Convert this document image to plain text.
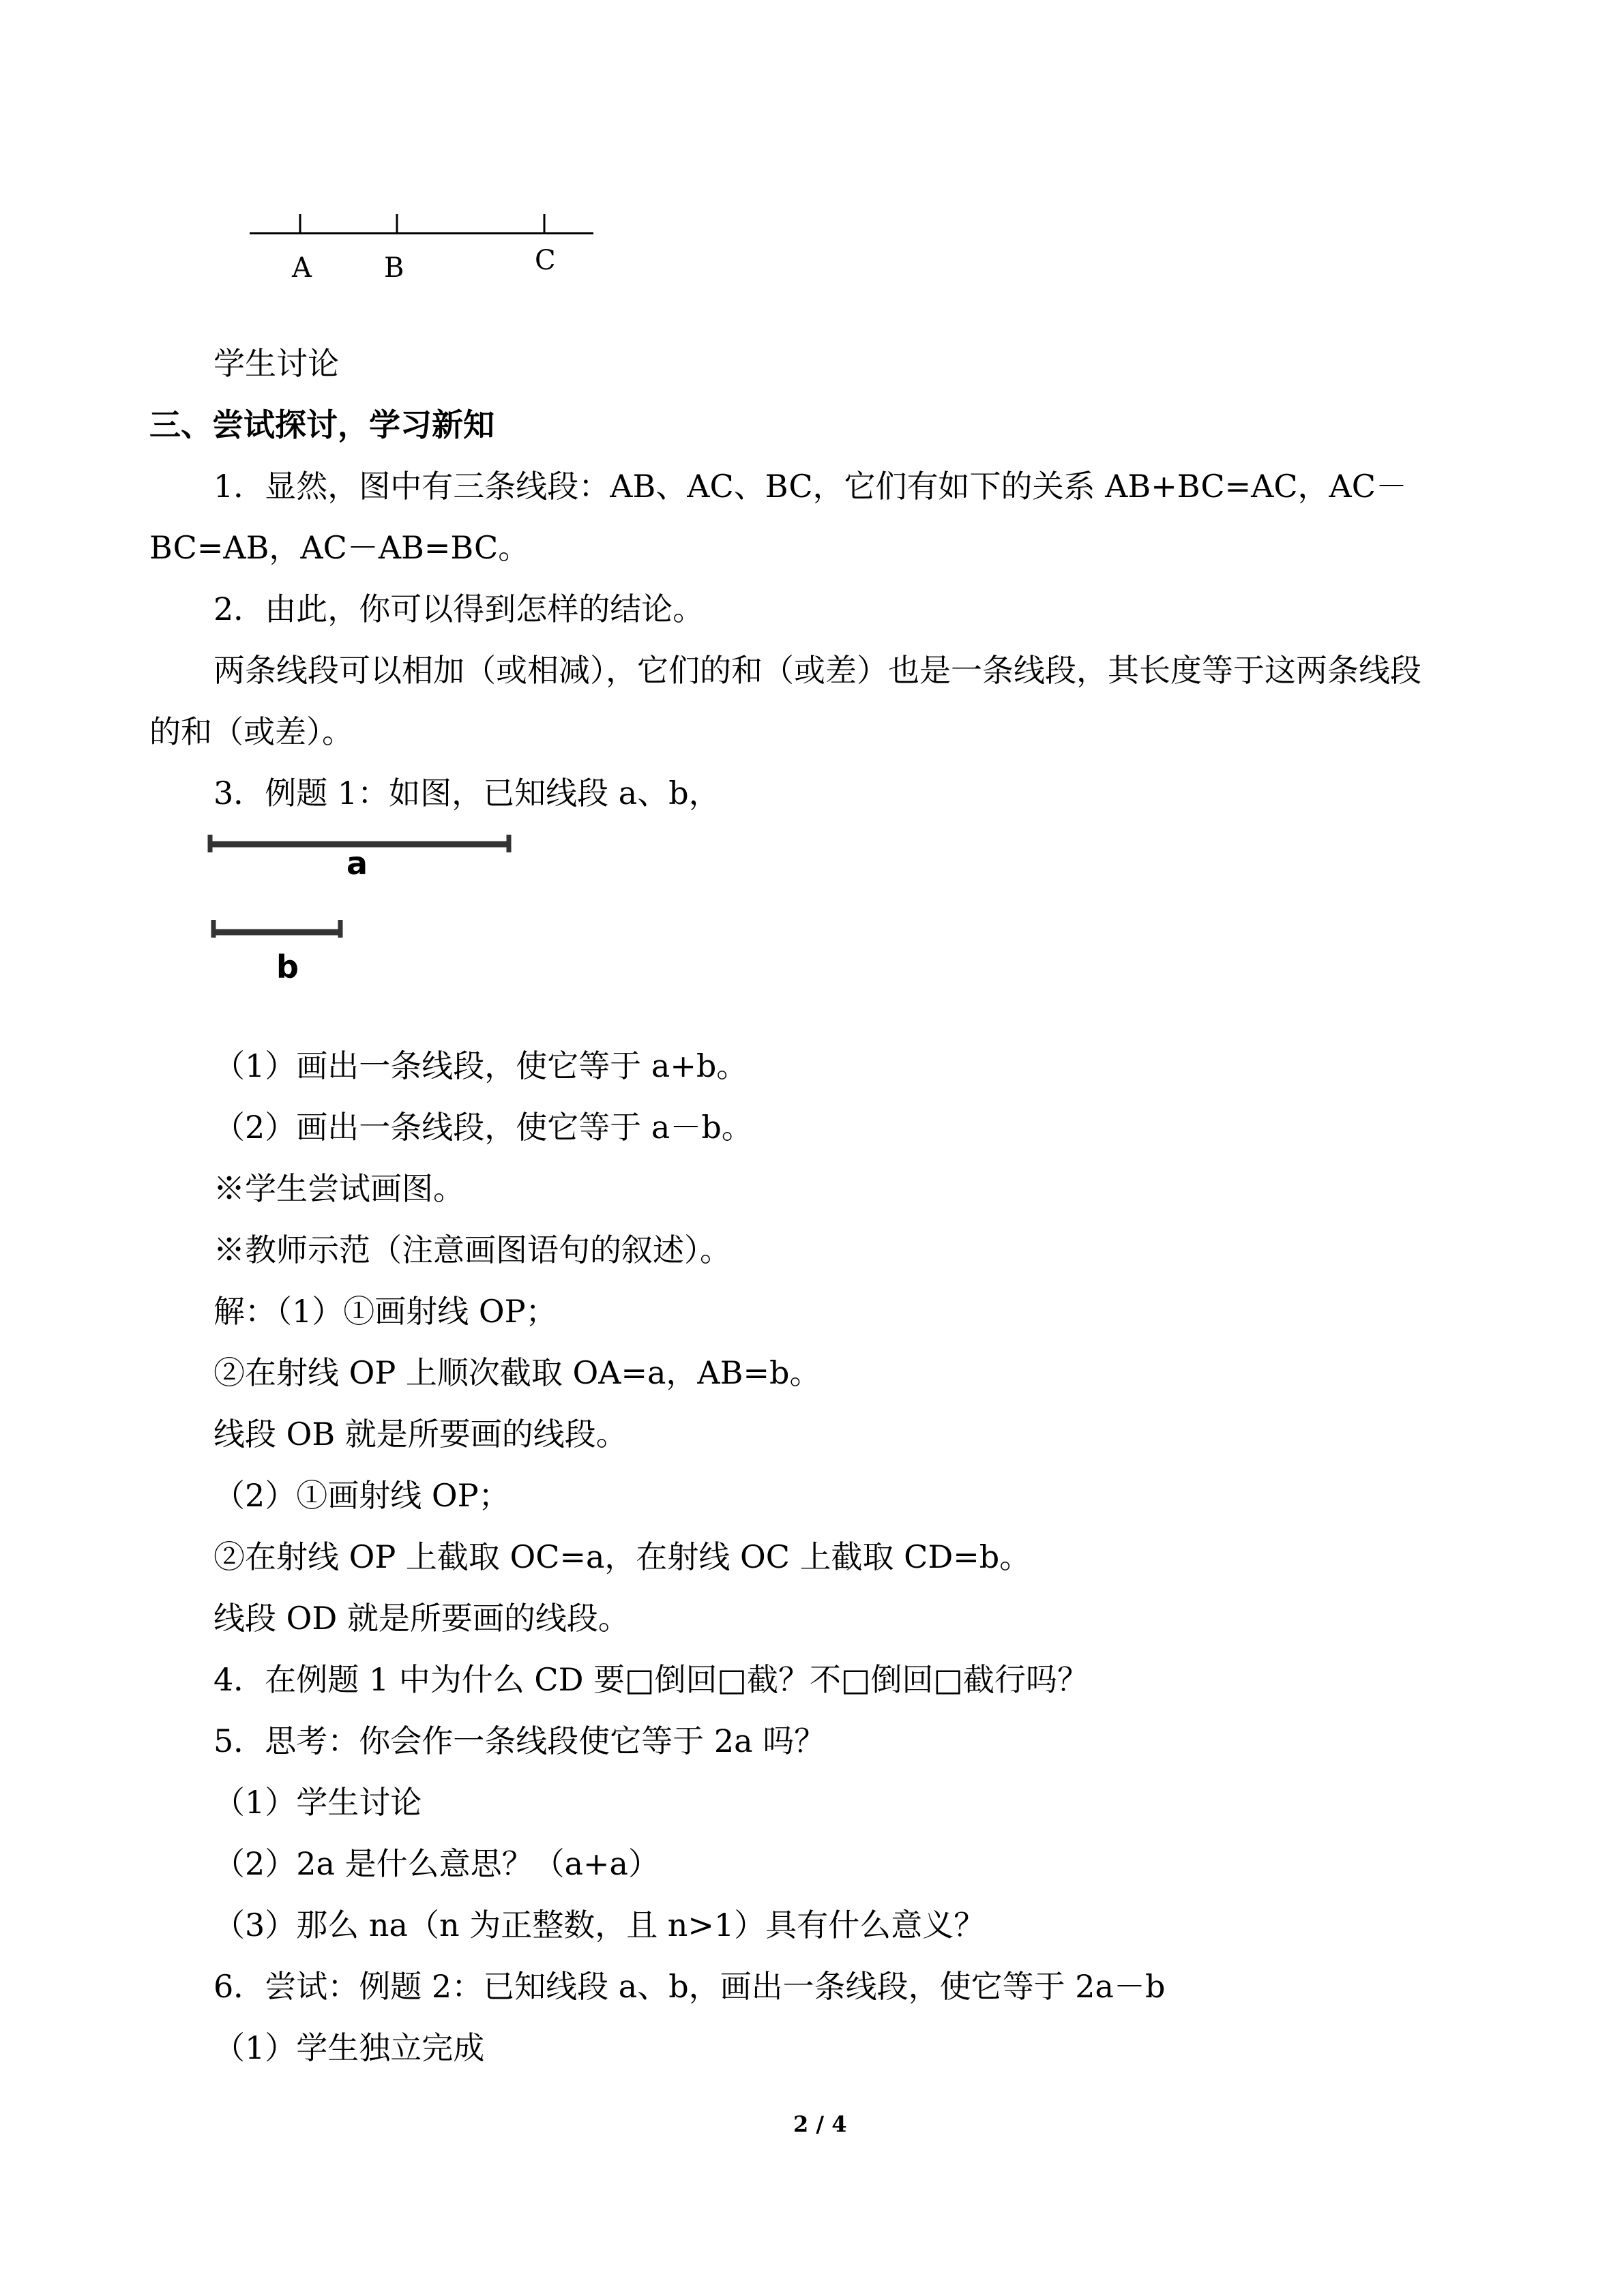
A	B	C
学生讨论
三、尝试探讨，学习新知
1．显然，图中有三条线段：AB、AC、BC，它们有如下的关系 AB+BC=AC，AC－
BC=AB，AC－AB=BC。
2．由此，你可以得到怎样的结论。
两条线段可以相加（或相减），它们的和（或差）也是一条线段，其长度等于这两条线段
的和（或差）。
3．例题 1：如图，已知线段 a、b，
a
b
（1）画出一条线段，使它等于 a+b。
（2）画出一条线段，使它等于 a－b。
※学生尝试画图。
※教师示范（注意画图语句的叙述）。
解：（1）①画射线 OP；
②在射线 OP 上顺次截取 OA=a，AB=b。
线段 OB 就是所要画的线段。
（2）①画射线 OP；
②在射线 OP 上截取 OC=a，在射线 OC 上截取 CD=b。
线段 OD 就是所要画的线段。
4．在例题 1 中为什么 CD 要□倒回□截？不□倒回□截行吗？
5．思考：你会作一条线段使它等于 2a 吗？
（1）学生讨论
（2）2a 是什么意思？（a+a）
（3）那么 na（n 为正整数，且 n>1）具有什么意义？
6．尝试：例题 2：已知线段 a、b，画出一条线段，使它等于 2a－b
（1）学生独立完成
2 / 4
